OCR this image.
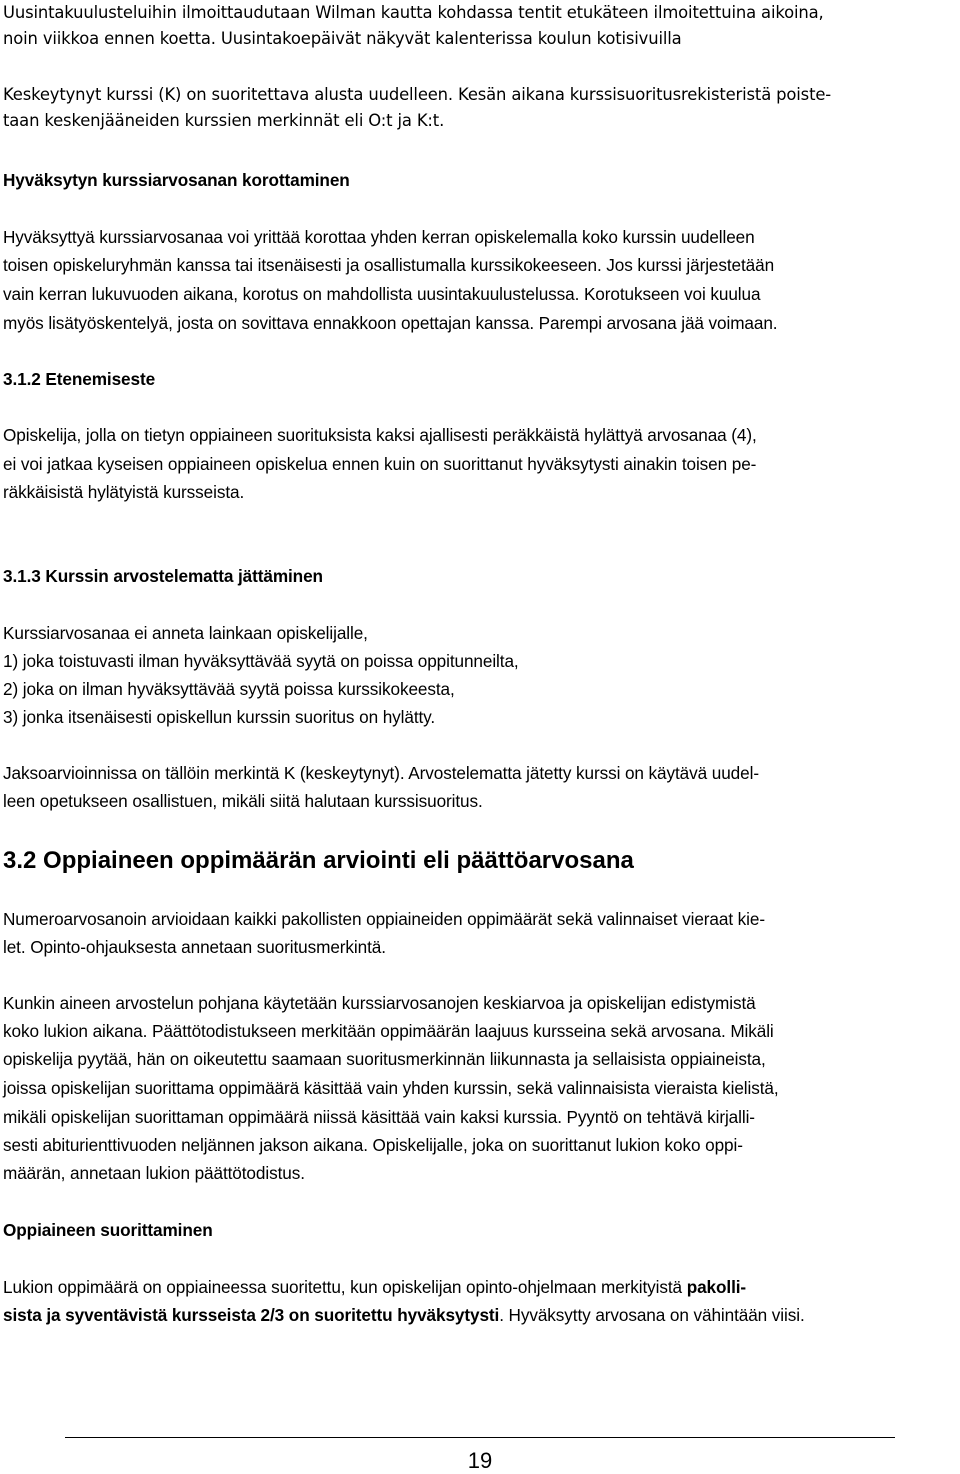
Uusintakuulusteluihin ilmoittaudutaan Wilman kautta kohdassa tentit etukäteen ilmoitettuina aikoina,
noin viikkoa ennen koetta. Uusintakoepäivät näkyvät kalenterissa koulun kotisivuilla
Keskeytynyt kurssi (K) on suoritettava alusta uudelleen. Kesän aikana kurssisuoritusrekisteristä poiste-
taan keskenjääneiden kurssien merkinnät eli O:t ja K:t.
Hyväksytyn kurssiarvosanan korottaminen
Hyväksyttyä kurssiarvosanaa voi yrittää korottaa yhden kerran opiskelemalla koko kurssin uudelleen
toisen opiskeluryhmän kanssa tai itsenäisesti ja osallistumalla kurssikokeeseen. Jos kurssi järjestetään
vain kerran lukuvuoden aikana, korotus on mahdollista uusintakuulustelussa. Korotukseen voi kuulua
myös lisätyöskentelyä, josta on sovittava ennakkoon opettajan kanssa. Parempi arvosana jää voimaan.
3.1.2 Etenemiseste
Opiskelija, jolla on tietyn oppiaineen suorituksista kaksi ajallisesti peräkkäistä hylättyä arvosanaa (4),
ei voi jatkaa kyseisen oppiaineen opiskelua ennen kuin on suorittanut hyväksytysti ainakin toisen pe-
räkkäisistä hylätyistä kursseista.
3.1.3 Kurssin arvostelematta jättäminen
Kurssiarvosanaa ei anneta lainkaan opiskelijalle,
1) joka toistuvasti ilman hyväksyttävää syytä on poissa oppitunneilta,
2) joka on ilman hyväksyttävää syytä poissa kurssikokeesta,
3) jonka itsenäisesti opiskellun kurssin suoritus on hylätty.
Jaksoarvioinnissa on tällöin merkintä K (keskeytynyt). Arvostelematta jätetty kurssi on käytävä uudel-
leen opetukseen osallistuen, mikäli siitä halutaan kurssisuoritus.
3.2 Oppiaineen oppimäärän arviointi eli päättöarvosana
Numeroarvosanoin arvioidaan kaikki pakollisten oppiaineiden oppimäärät sekä valinnaiset vieraat kie-
let. Opinto-ohjauksesta annetaan suoritusmerkintä.
Kunkin aineen arvostelun pohjana käytetään kurssiarvosanojen keskiarvoa ja opiskelijan edistymistä
koko lukion aikana. Päättötodistukseen merkitään oppimäärän laajuus kursseina sekä arvosana. Mikäli
opiskelija pyytää, hän on oikeutettu saamaan suoritusmerkinnän liikunnasta ja sellaisista oppiaineista,
joissa opiskelijan suorittama oppimäärä käsittää vain yhden kurssin, sekä valinnaisista vieraista kielistä,
mikäli opiskelijan suorittaman oppimäärä niissä käsittää vain kaksi kurssia. Pyyntö on tehtävä kirjalli-
sesti abiturienttivuoden neljännen jakson aikana. Opiskelijalle, joka on suorittanut lukion koko oppi-
määrän, annetaan lukion päättötodistus.
Oppiaineen suorittaminen
Lukion oppimäärä on oppiaineessa suoritettu, kun opiskelijan opinto-ohjelmaan merkityistä pakolli-
sista ja syventävistä kursseista 2/3 on suoritettu hyväksytysti. Hyväksytty arvosana on vähintään viisi.
19
